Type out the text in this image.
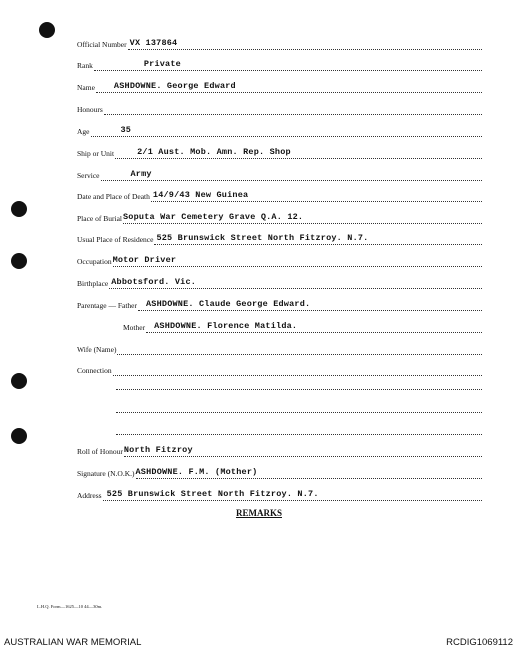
Official Number VX 137864
Rank	Private
Name ASHDOWNE. George Edward
Honours
Age	35
Ship or Unit	2/1 Aust. Mob. Amn. Rep. Shop
Service	Army
Date and Place of Death 14/9/43 New Guinea
Place of Burial Soputa War Cemetery Grave Q.A. 12.
Usual Place of Residence 525 Brunswick Street North Fitzroy. N.7.
Occupation Motor Driver
Birthplace Abbotsford. Vic.
Parentage — Father ASHDOWNE. Claude George Edward.
Mother ASHDOWNE. Florence Matilda.
Wife (Name)
Connection
Roll of Honour North Fitzroy
Signature (N.O.K.) ASHDOWNE. F.M. (Mother)
Address 525 Brunswick Street North Fitzroy. N.7.
REMARKS
L.H.Q. Form—1625—10 44—30m.
AUSTRALIAN WAR MEMORIAL	RCDIG1069112
